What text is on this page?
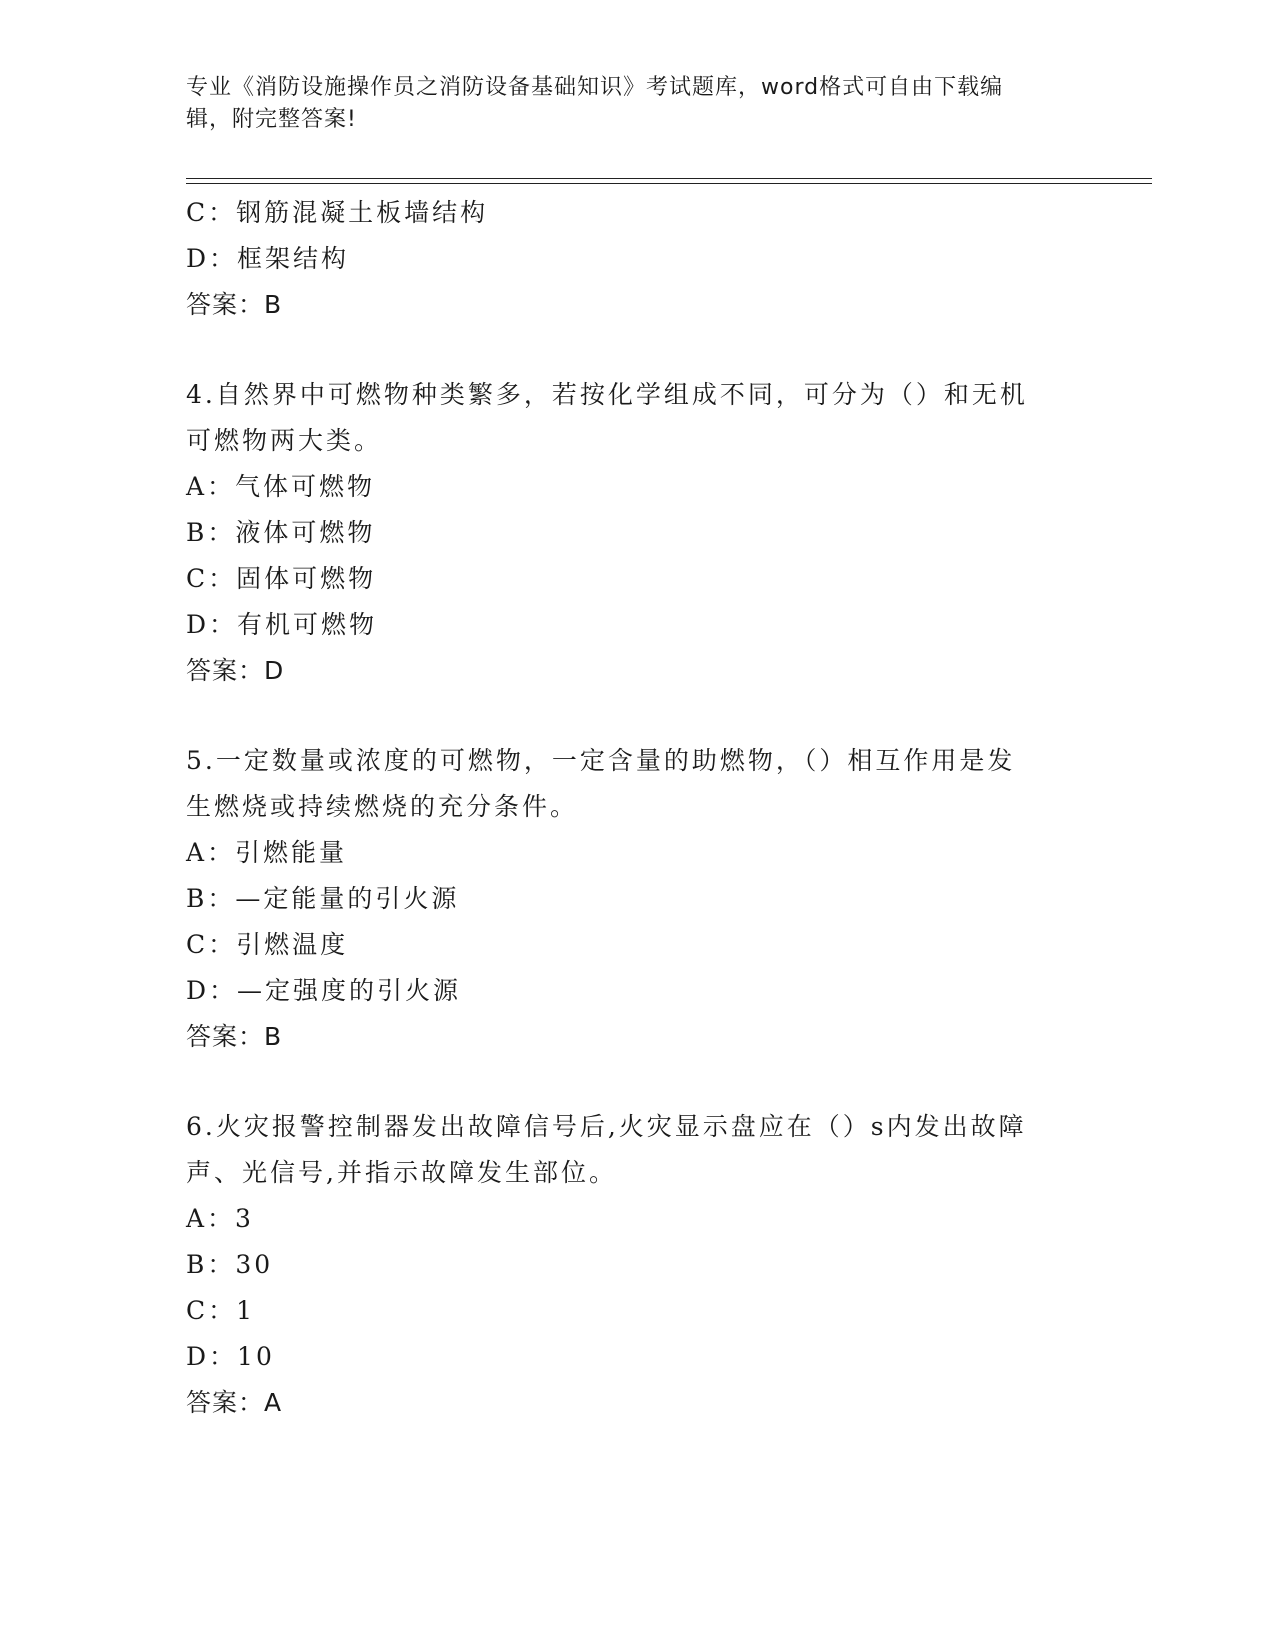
专业《消防设施操作员之消防设备基础知识》考试题库，word格式可自由下载编
辑，附完整答案!
C：钢筋混凝土板墙结构
D：框架结构
答案：B
4.自然界中可燃物种类繁多，若按化学组成不同，可分为（）和无机
可燃物两大类。
A：气体可燃物
B：液体可燃物
C：固体可燃物
D：有机可燃物
答案：D
5.一定数量或浓度的可燃物，一定含量的助燃物，（）相互作用是发
生燃烧或持续燃烧的充分条件。
A：引燃能量
B：—定能量的引火源
C：引燃温度
D：—定强度的引火源
答案：B
6.火灾报警控制器发出故障信号后,火灾显示盘应在（）s内发出故障
声、光信号,并指示故障发生部位。
A：3
B：30
C：1
D：10
答案：A
